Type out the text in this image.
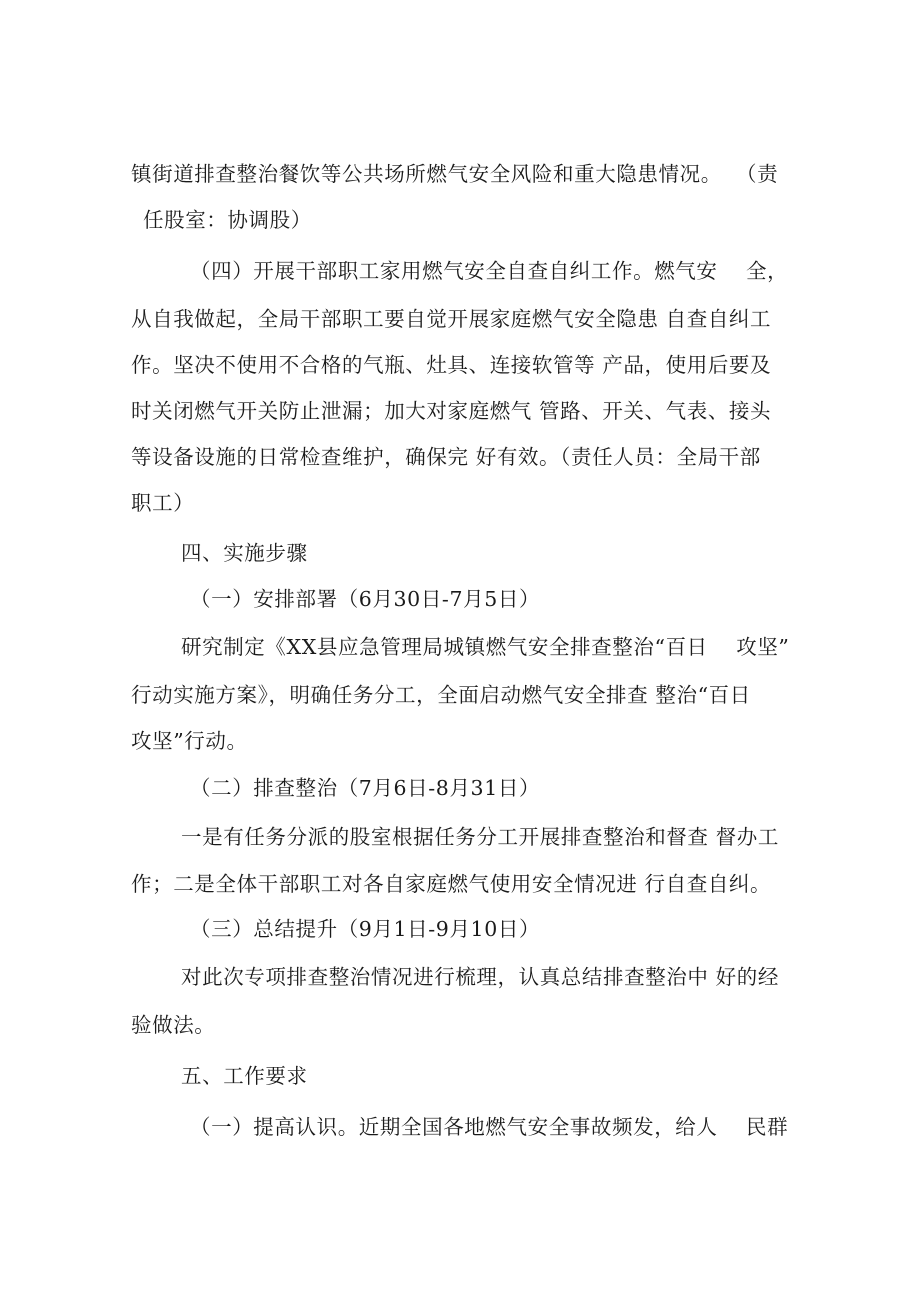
镇街道排查整治餐饮等公共场所燃气安全风险和重大隐患情况。  （责
任股室：协调股）
（四）开展干部职工家用燃气安全自查自纠工作。燃气安    全，
从自我做起，全局干部职工要自觉开展家庭燃气安全隐患 自查自纠工
作。坚决不使用不合格的气瓶、灶具、连接软管等 产品，使用后要及
时关闭燃气开关防止泄漏；加大对家庭燃气 管路、开关、气表、接头
等设备设施的日常检查维护，确保完 好有效。（责任人员：全局干部
职工）
四、实施步骤
（一）安排部署（6月30日-7月5日）
研究制定《XX县应急管理局城镇燃气安全排查整治“百日    攻坚”
行动实施方案》，明确任务分工，全面启动燃气安全排查 整治“百日
攻坚”行动。
（二）排查整治（7月6日-8月31日）
一是有任务分派的股室根据任务分工开展排查整治和督查 督办工
作；二是全体干部职工对各自家庭燃气使用安全情况进 行自查自纠。
（三）总结提升（9月1日-9月10日）
对此次专项排查整治情况进行梳理，认真总结排查整治中 好的经
验做法。
五、工作要求
（一）提高认识。近期全国各地燃气安全事故频发，给人    民群
